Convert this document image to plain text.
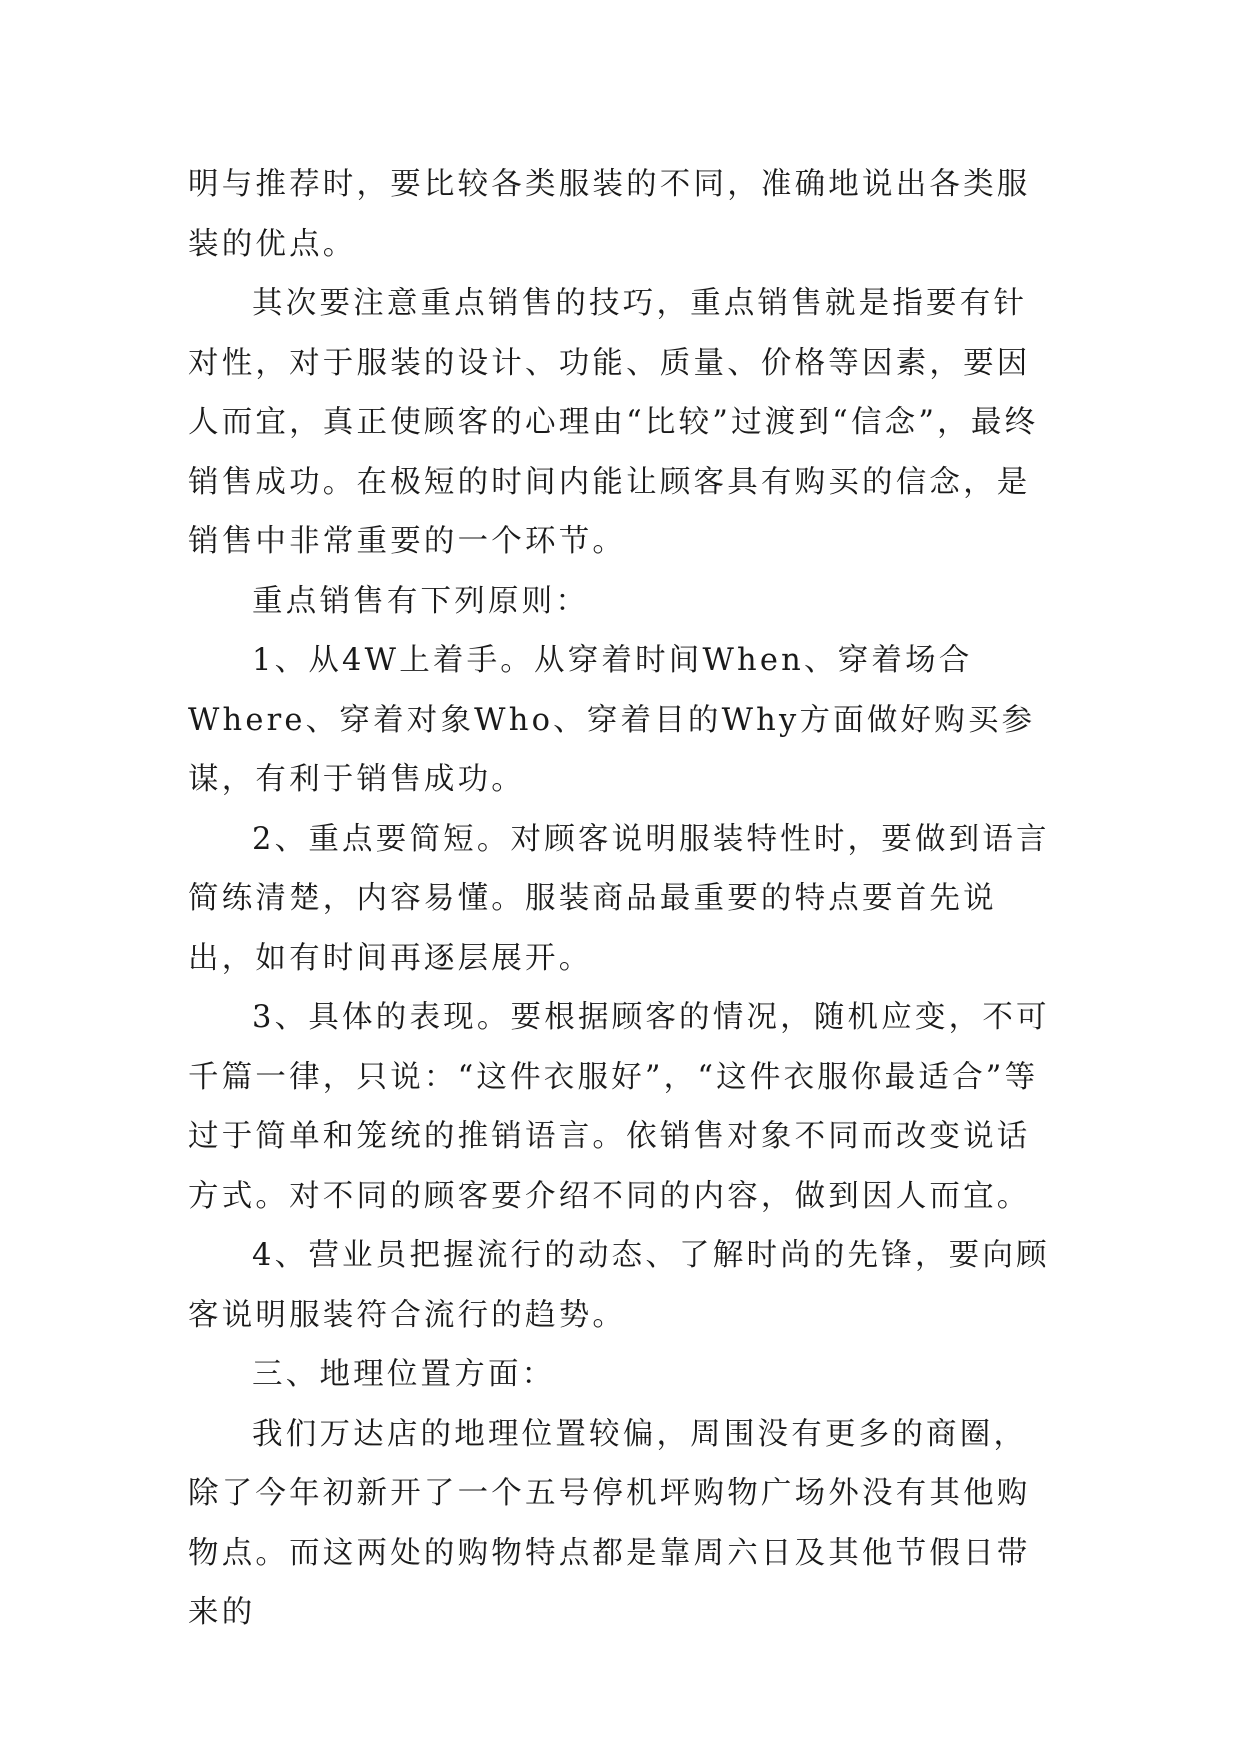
明与推荐时，要比较各类服装的不同，准确地说出各类服装的优点。

其次要注意重点销售的技巧，重点销售就是指要有针对性，对于服装的设计、功能、质量、价格等因素，要因人而宜，真正使顾客的心理由“比较”过渡到“信念”，最终销售成功。在极短的时间内能让顾客具有购买的信念，是销售中非常重要的一个环节。

重点销售有下列原则：

1、从4W上着手。从穿着时间When、穿着场合Where、穿着对象Who、穿着目的Why方面做好购买参谋，有利于销售成功。

2、重点要简短。对顾客说明服装特性时，要做到语言简练清楚，内容易懂。服装商品最重要的特点要首先说出，如有时间再逐层展开。

3、具体的表现。要根据顾客的情况，随机应变，不可千篇一律，只说：“这件衣服好”，“这件衣服你最适合”等过于简单和笼统的推销语言。依销售对象不同而改变说话方式。对不同的顾客要介绍不同的内容，做到因人而宜。

4、营业员把握流行的动态、了解时尚的先锋，要向顾客说明服装符合流行的趋势。

三、地理位置方面：

我们万达店的地理位置较偏，周围没有更多的商圈，除了今年初新开了一个五号停机坪购物广场外没有其他购物点。而这两处的购物特点都是靠周六日及其他节假日带来的
